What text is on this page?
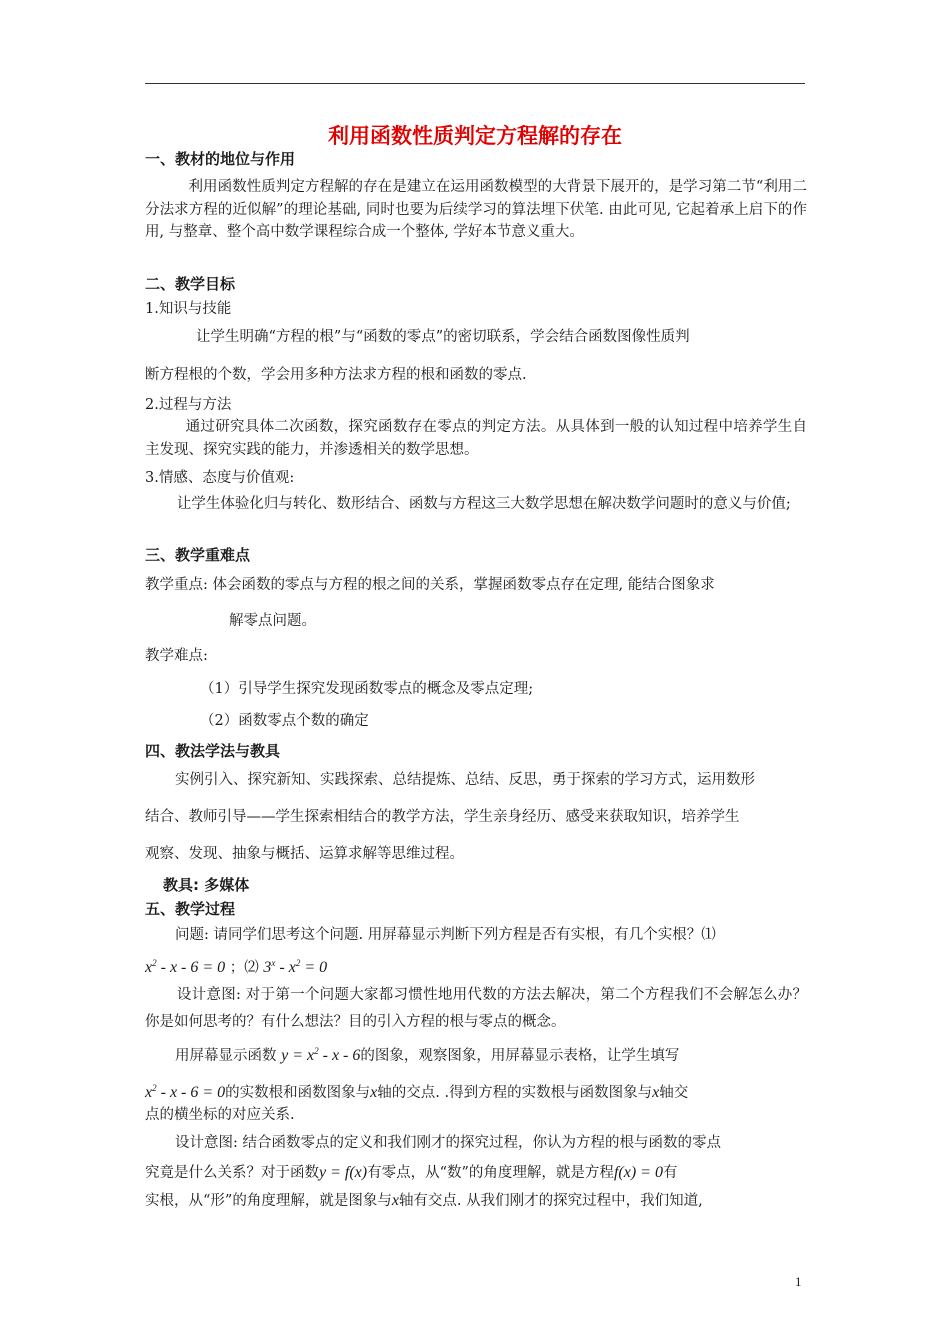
利用函数性质判定方程解的存在
一、教材的地位与作用
利用函数性质判定方程解的存在是建立在运用函数模型的大背景下展开的，是学习第二节“利用二分法求方程的近似解”的理论基础, 同时也要为后续学习的算法埋下伏笔. 由此可见, 它起着承上启下的作用, 与整章、整个高中数学课程综合成一个整体, 学好本节意义重大。
二、教学目标
1.知识与技能
让学生明确“方程的根”与“函数的零点”的密切联系，学会结合函数图像性质判
断方程根的个数，学会用多种方法求方程的根和函数的零点.
2.过程与方法
通过研究具体二次函数，探究函数存在零点的判定方法。从具体到一般的认知过程中培养学生自主发现、探究实践的能力，并渗透相关的数学思想。
3.情感、态度与价值观:
让学生体验化归与转化、数形结合、函数与方程这三大数学思想在解决数学问题时的意义与价值;
三、教学重难点
教学重点: 体会函数的零点与方程的根之间的关系，掌握函数零点存在定理, 能结合图象求
解零点问题。
教学难点:
（1）引导学生探究发现函数零点的概念及零点定理;
（2）函数零点个数的确定
四、教法学法与教具
实例引入、探究新知、实践探索、总结提炼、总结、反思，勇于探索的学习方式，运用数形
结合、教师引导——学生探索相结合的教学方法，学生亲身经历、感受来获取知识，培养学生
观察、发现、抽象与概括、运算求解等思维过程。
教具: 多媒体
五、教学过程
问题: 请同学们思考这个问题. 用屏幕显示判断下列方程是否有实根，有几个实根？⑴
$x^2 - x - 6 = 0$ ；⑵ $3^x - x^2 = 0$
设计意图: 对于第一个问题大家都习惯性地用代数的方法去解决，第二个方程我们不会解怎么办？你是如何思考的？有什么想法？目的引入方程的根与零点的概念。
用屏幕显示函数 $y = x^2 - x - 6$的图象，观察图象，用屏幕显示表格，让学生填写
$x^2 - x - 6 = 0$的实数根和函数图象与x轴的交点. .得到方程的实数根与函数图象与x轴交
点的横坐标的对应关系.
设计意图: 结合函数零点的定义和我们刚才的探究过程，你认为方程的根与函数的零点
究竟是什么关系？对于函数y = f(x)有零点，从“数”的角度理解，就是方程f(x) = 0有
实根，从“形”的角度理解，就是图象与x轴有交点. 从我们刚才的探究过程中，我们知道,
1
